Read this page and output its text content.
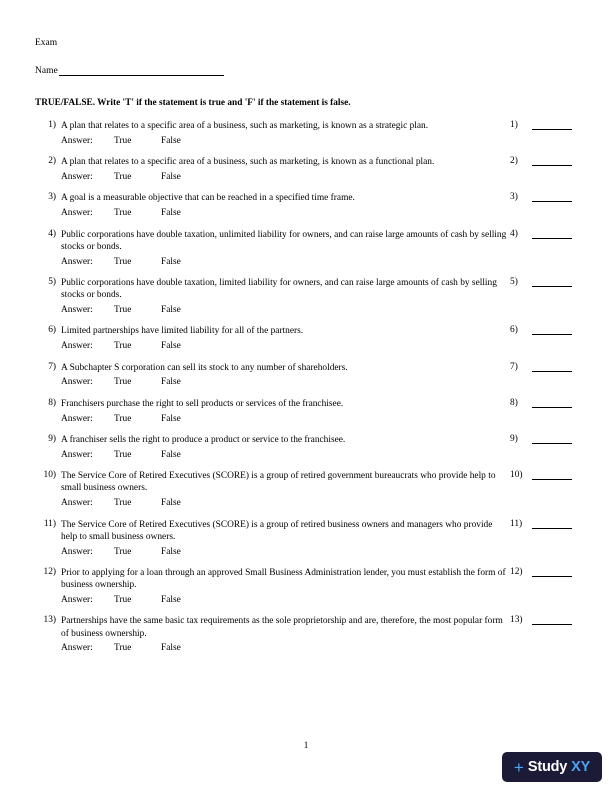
Exam
Name
TRUE/FALSE. Write 'T' if the statement is true and 'F' if the statement is false.
1) A plan that relates to a specific area of a business, such as marketing, is known as a strategic plan.
Answer:	True	False
1)
2) A plan that relates to a specific area of a business, such as marketing, is known as a functional plan.
Answer:	True	False
2)
3) A goal is a measurable objective that can be reached in a specified time frame.
Answer:	True	False
3)
4) Public corporations have double taxation, unlimited liability for owners, and can raise large amounts of cash by selling stocks or bonds.
Answer:	True	False
4)
5) Public corporations have double taxation, limited liability for owners, and can raise large amounts of cash by selling stocks or bonds.
Answer:	True	False
5)
6) Limited partnerships have limited liability for all of the partners.
Answer:	True	False
6)
7) A Subchapter S corporation can sell its stock to any number of shareholders.
Answer:	True	False
7)
8) Franchisers purchase the right to sell products or services of the franchisee.
Answer:	True	False
8)
9) A franchiser sells the right to produce a product or service to the franchisee.
Answer:	True	False
9)
10) The Service Core of Retired Executives (SCORE) is a group of retired government bureaucrats who provide help to small business owners.
Answer:	True	False
10)
11) The Service Core of Retired Executives (SCORE) is a group of retired business owners and managers who provide help to small business owners.
Answer:	True	False
11)
12) Prior to applying for a loan through an approved Small Business Administration lender, you must establish the form of business ownership.
Answer:	True	False
12)
13) Partnerships have the same basic tax requirements as the sole proprietorship and are, therefore, the most popular form of business ownership.
Answer:	True	False
13)
1
+ Study XY
